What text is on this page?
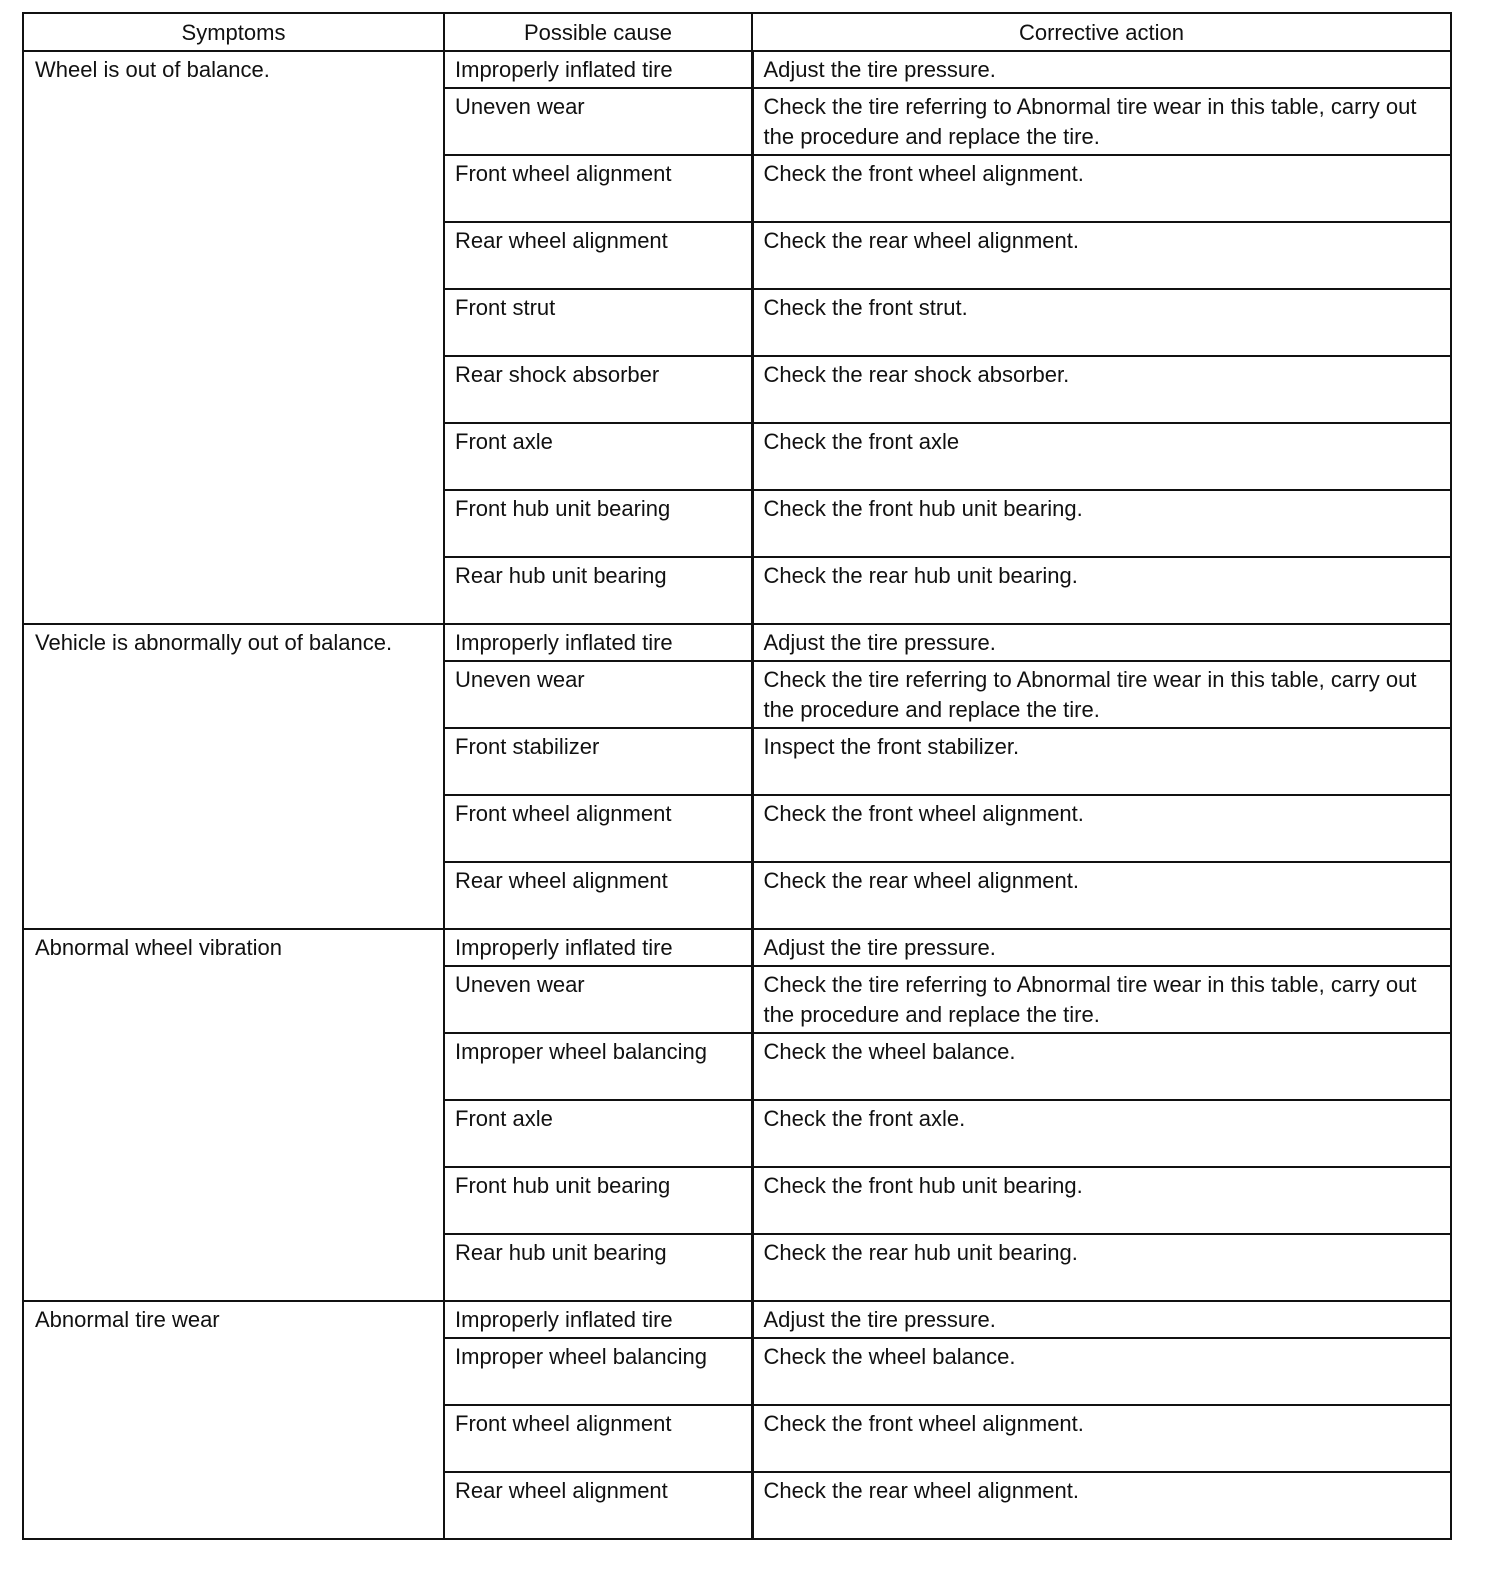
Symptoms	Possible cause	Corrective action
Wheel is out of balance.	Improperly inflated tire	Adjust the tire pressure.
	Uneven wear	Check the tire referring to Abnormal tire wear in this table, carry out the procedure and replace the tire.
	Front wheel alignment	Check the front wheel alignment.
	Rear wheel alignment	Check the rear wheel alignment.
	Front strut	Check the front strut.
	Rear shock absorber	Check the rear shock absorber.
	Front axle	Check the front axle
	Front hub unit bearing	Check the front hub unit bearing.
	Rear hub unit bearing	Check the rear hub unit bearing.
Vehicle is abnormally out of balance.	Improperly inflated tire	Adjust the tire pressure.
	Uneven wear	Check the tire referring to Abnormal tire wear in this table, carry out the procedure and replace the tire.
	Front stabilizer	Inspect the front stabilizer.
	Front wheel alignment	Check the front wheel alignment.
	Rear wheel alignment	Check the rear wheel alignment.
Abnormal wheel vibration	Improperly inflated tire	Adjust the tire pressure.
	Uneven wear	Check the tire referring to Abnormal tire wear in this table, carry out the procedure and replace the tire.
	Improper wheel balancing	Check the wheel balance.
	Front axle	Check the front axle.
	Front hub unit bearing	Check the front hub unit bearing.
	Rear hub unit bearing	Check the rear hub unit bearing.
Abnormal tire wear	Improperly inflated tire	Adjust the tire pressure.
	Improper wheel balancing	Check the wheel balance.
	Front wheel alignment	Check the front wheel alignment.
	Rear wheel alignment	Check the rear wheel alignment.
